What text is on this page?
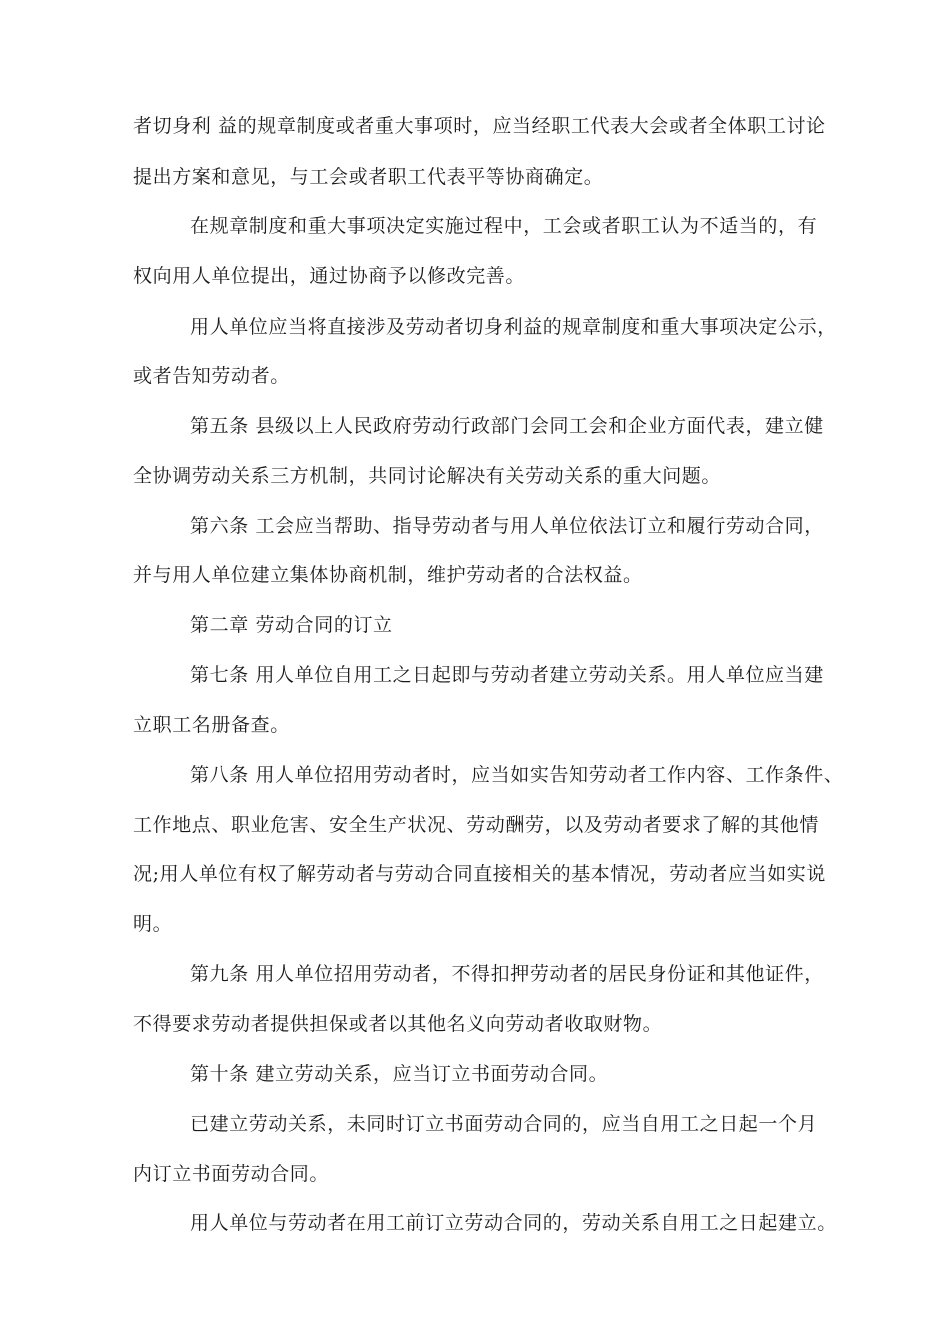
者切身利 益的规章制度或者重大事项时，应当经职工代表大会或者全体职工讨论
提出方案和意见，与工会或者职工代表平等协商确定。
在规章制度和重大事项决定实施过程中，工会或者职工认为不适当的，有
权向用人单位提出，通过协商予以修改完善。
用人单位应当将直接涉及劳动者切身利益的规章制度和重大事项决定公示，
或者告知劳动者。
第五条 县级以上人民政府劳动行政部门会同工会和企业方面代表，建立健
全协调劳动关系三方机制，共同讨论解决有关劳动关系的重大问题。
第六条 工会应当帮助、指导劳动者与用人单位依法订立和履行劳动合同，
并与用人单位建立集体协商机制，维护劳动者的合法权益。
第二章 劳动合同的订立
第七条 用人单位自用工之日起即与劳动者建立劳动关系。用人单位应当建
立职工名册备查。
第八条 用人单位招用劳动者时，应当如实告知劳动者工作内容、工作条件、
工作地点、职业危害、安全生产状况、劳动酬劳，以及劳动者要求了解的其他情
况;用人单位有权了解劳动者与劳动合同直接相关的基本情况，劳动者应当如实说
明。
第九条 用人单位招用劳动者，不得扣押劳动者的居民身份证和其他证件，
不得要求劳动者提供担保或者以其他名义向劳动者收取财物。
第十条 建立劳动关系，应当订立书面劳动合同。
已建立劳动关系，未同时订立书面劳动合同的，应当自用工之日起一个月
内订立书面劳动合同。
用人单位与劳动者在用工前订立劳动合同的，劳动关系自用工之日起建立。
